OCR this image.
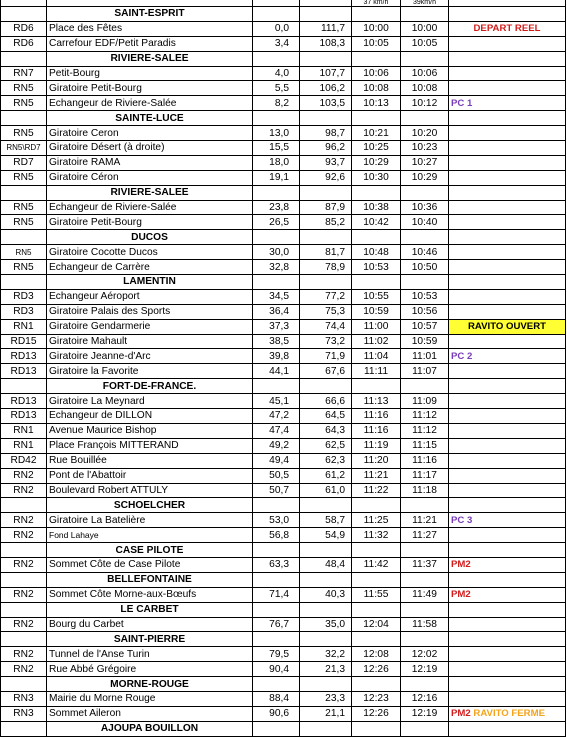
				37 km/h	39km/h	
	SAINT-ESPRIT					
RD6	Place des Fêtes	0,0	111,7	10:00	10:00	DEPART REEL
RD6	Carrefour EDF/Petit Paradis	3,4	108,3	10:05	10:05	
	RIVIERE-SALEE					
RN7	Petit-Bourg	4,0	107,7	10:06	10:06	
RN5	Giratoire Petit-Bourg	5,5	106,2	10:08	10:08	
RN5	Echangeur de Riviere-Salée	8,2	103,5	10:13	10:12	PC 1
	SAINTE-LUCE					
RN5	Giratoire Ceron	13,0	98,7	10:21	10:20	
RN5\RD7	Giratoire Désert (à droite)	15,5	96,2	10:25	10:23	
RD7	Giratoire RAMA	18,0	93,7	10:29	10:27	
RN5	Giratoire Céron	19,1	92,6	10:30	10:29	
	RIVIERE-SALEE					
RN5	Echangeur de Riviere-Salée	23,8	87,9	10:38	10:36	
RN5	Giratoire Petit-Bourg	26,5	85,2	10:42	10:40	
	DUCOS					
RN5	Giratoire Cocotte Ducos	30,0	81,7	10:48	10:46	
RN5	Echangeur de Carrère	32,8	78,9	10:53	10:50	
	LAMENTIN					
RD3	Echangeur Aéroport	34,5	77,2	10:55	10:53	
RD3	Giratoire Palais des Sports	36,4	75,3	10:59	10:56	
RN1	Giratoire Gendarmerie	37,3	74,4	11:00	10:57	RAVITO OUVERT
RD15	Giratoire Mahault	38,5	73,2	11:02	10:59	
RD13	Giratoire Jeanne-d'Arc	39,8	71,9	11:04	11:01	PC 2
RD13	Giratoire la Favorite	44,1	67,6	11:11	11:07	
	FORT-DE-FRANCE.					
RD13	Giratoire La Meynard	45,1	66,6	11:13	11:09	
RD13	Echangeur de DILLON	47,2	64,5	11:16	11:12	
RN1	Avenue Maurice Bishop	47,4	64,3	11:16	11:12	
RN1	Place François MITTERAND	49,2	62,5	11:19	11:15	
RD42	Rue Bouillée	49,4	62,3	11:20	11:16	
RN2	Pont de l'Abattoir	50,5	61,2	11:21	11:17	
RN2	Boulevard Robert ATTULY	50,7	61,0	11:22	11:18	
	SCHOELCHER					
RN2	Giratoire La Batelière	53,0	58,7	11:25	11:21	PC 3
RN2	Fond Lahaye	56,8	54,9	11:32	11:27	
	CASE PILOTE					
RN2	Sommet Côte de Case Pilote	63,3	48,4	11:42	11:37	PM2
	BELLEFONTAINE					
RN2	Sommet Côte Morne-aux-Bœufs	71,4	40,3	11:55	11:49	PM2
	LE CARBET					
RN2	Bourg du Carbet	76,7	35,0	12:04	11:58	
	SAINT-PIERRE					
RN2	Tunnel de l'Anse Turin	79,5	32,2	12:08	12:02	
RN2	Rue Abbé Grégoire	90,4	21,3	12:26	12:19	
	MORNE-ROUGE					
RN3	Mairie du Morne Rouge	88,4	23,3	12:23	12:16	
RN3	Sommet Aileron	90,6	21,1	12:26	12:19	PM2 RAVITO FERME
	AJOUPA BOUILLON					
